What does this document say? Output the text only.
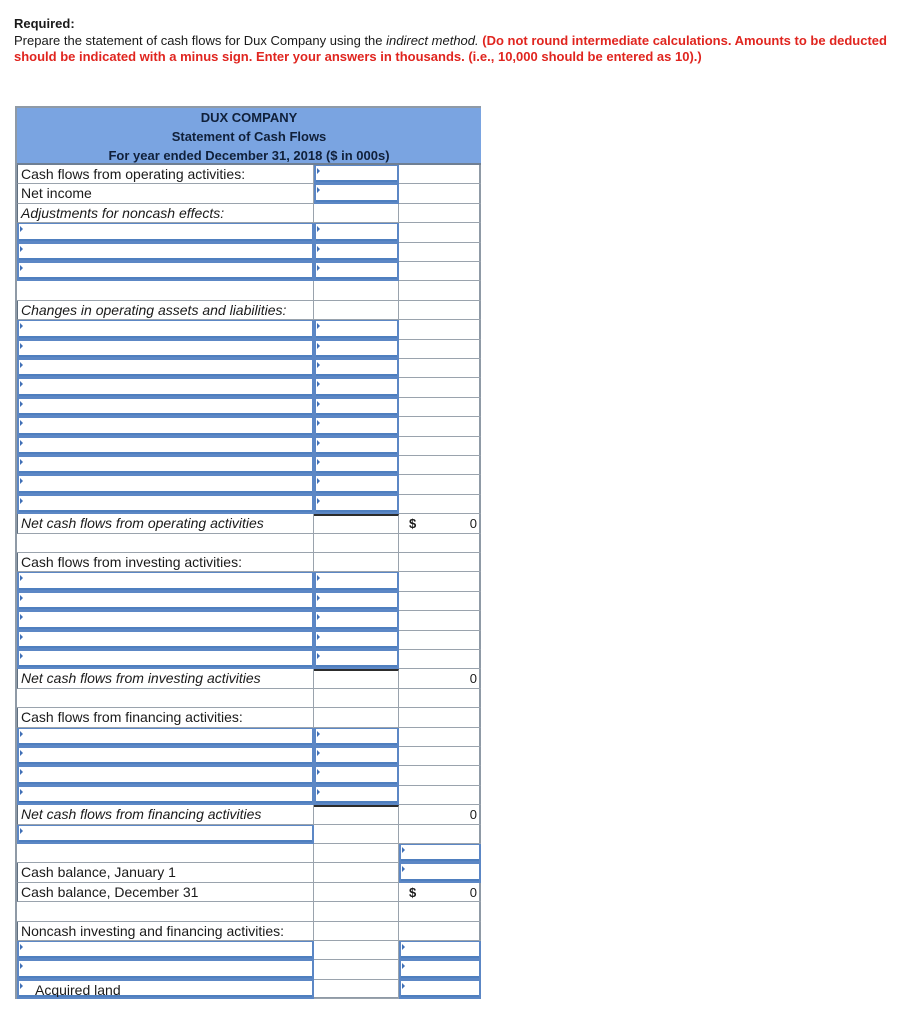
Required:
Prepare the statement of cash flows for Dux Company using the indirect method. (Do not round intermediate calculations. Amounts to be deducted should be indicated with a minus sign. Enter your answers in thousands. (i.e., 10,000 should be entered as 10).)
DUX COMPANY
Statement of Cash Flows
For year ended December 31, 2018 ($ in 000s)
Cash flows from operating activities:
Net income
Adjustments for noncash effects:
Changes in operating assets and liabilities:
Net cash flows from operating activities	$	0
Cash flows from investing activities:
Net cash flows from investing activities	0
Cash flows from financing activities:
Net cash flows from financing activities	0
Cash balance, January 1
Cash balance, December 31	$	0
Noncash investing and financing activities:
Acquired land
